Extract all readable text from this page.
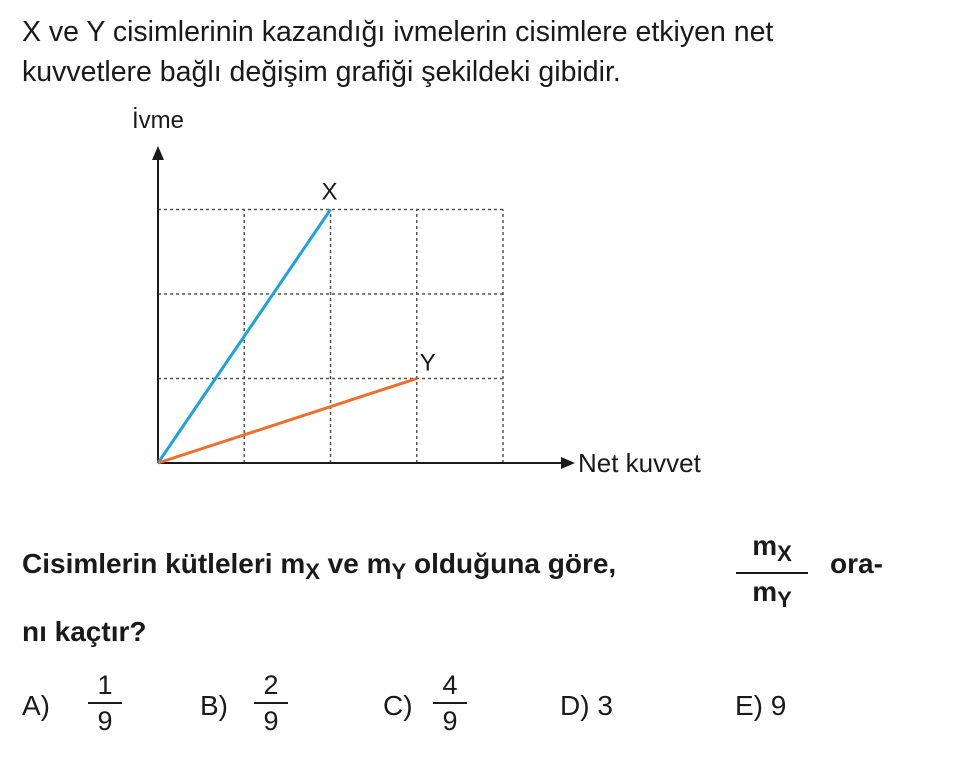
X ve Y cisimlerinin kazandığı ivmelerin cisimlere etkiyen net
kuvvetlere bağlı değişim grafiği şekildeki gibidir.

İvme
Net kuvvet
X
Y
Cisimlerin kütleleri $m_X$ ve $m_Y$ olduğuna göre,
$m_X$
$m_Y$
ora-
nı kaçtır?
A)
1
9	B)
2
9	C)
4
9	D) 3	E) 9
